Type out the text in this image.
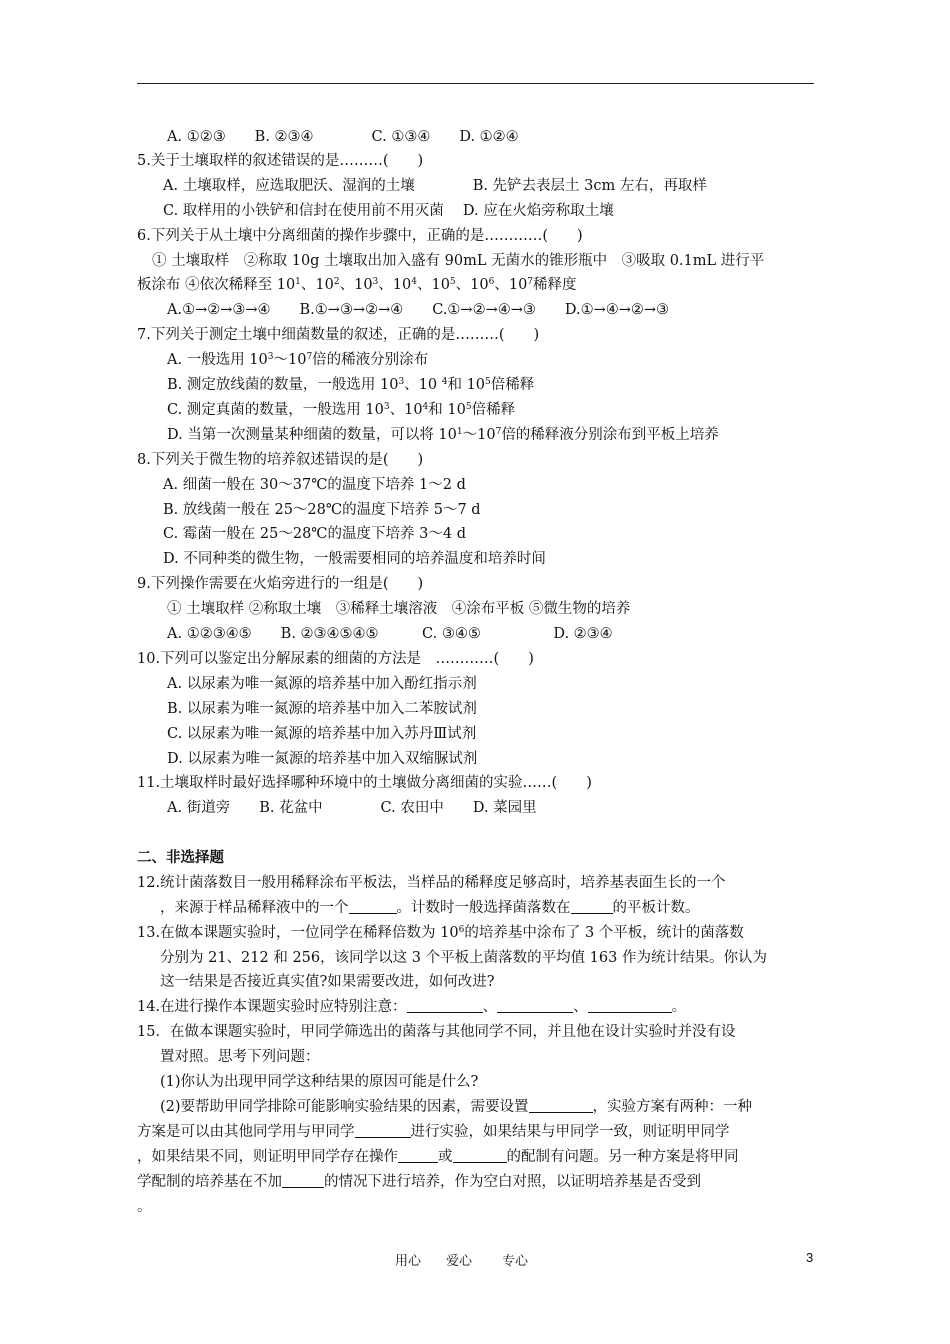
A. ①②③　　B. ②③④　　　　C. ①③④　　D. ①②④
5.关于土壤取样的叙述错误的是………(　　)
A. 土壤取样，应选取肥沃、湿润的土壤　　　　B. 先铲去表层土 3cm 左右，再取样
C. 取样用的小铁铲和信封在使用前不用灭菌　 D. 应在火焰旁称取土壤
6.下列关于从土壤中分离细菌的操作步骤中，正确的是…………(　　)
① 土壤取样　②称取 10g 土壤取出加入盛有 90mL 无菌水的锥形瓶中　③吸取 0.1mL 进行平
板涂布 ④依次稀释至 $10^1$、$10^2$、$10^3$、$10^4$、$10^5$、$10^6$、$10^7$稀释度
A.①→②→③→④　　B.①→③→②→④　　C.①→②→④→③　　D.①→④→②→③
7.下列关于测定土壤中细菌数量的叙述，正确的是………(　　)
A. 一般选用 $10^3\sim 10^7$倍的稀液分别涂布
B. 测定放线菌的数量，一般选用 $10^3$、10 $^4$和 $10^5$倍稀释
C. 测定真菌的数量，一般选用 $10^3$、$10^4$和 $10^5$倍稀释
D. 当第一次测量某种细菌的数量，可以将 $10^1\sim 10^7$倍的稀释液分别涂布到平板上培养
8.下列关于微生物的培养叙述错误的是(　　)
A. 细菌一般在 30～37℃的温度下培养 1～2 d
B. 放线菌一般在 25～28℃的温度下培养 5～7 d
C. 霉菌一般在 25～28℃的温度下培养 3～4 d
D. 不同种类的微生物，一般需要相同的培养温度和培养时间
9.下列操作需要在火焰旁进行的一组是(　　)
① 土壤取样 ②称取土壤　③稀释土壤溶液　④涂布平板 ⑤微生物的培养
A. ①②③④⑤　　B. ②③④⑤④⑤　　　C. ③④⑤　　　　　D. ②③④
10.下列可以鉴定出分解尿素的细菌的方法是　…………(　　)
A. 以尿素为唯一氮源的培养基中加入酚红指示剂
B. 以尿素为唯一氮源的培养基中加入二苯胺试剂
C. 以尿素为唯一氮源的培养基中加入苏丹Ⅲ试剂
D. 以尿素为唯一氮源的培养基中加入双缩脲试剂
11.土壤取样时最好选择哪种环境中的土壤做分离细菌的实验……(　　)
A. 街道旁　　B. 花盆中　　　　C. 农田中　　D. 菜园里
二、非选择题
12.统计菌落数目一般用稀释涂布平板法，当样品的稀释度足够高时，培养基表面生长的一个
，来源于样品稀释液中的一个	。计数时一般选择菌落数在	的平板计数。
13.在做本课题实验时，一位同学在稀释倍数为 $10^6$的培养基中涂布了 3 个平板，统计的菌落数
分别为 21、212 和 256，该同学以这 3 个平板上菌落数的平均值 163 作为统计结果。你认为
这一结果是否接近真实值?如果需要改进，如何改进?
14.在进行操作本课题实验时应特别注意：	、	、	。
15．在做本课题实验时，甲同学筛选出的菌落与其他同学不同，并且他在设计实验时并没有设
置对照。思考下列问题：
(1)你认为出现甲同学这种结果的原因可能是什么?
(2)要帮助甲同学排除可能影响实验结果的因素，需要设置	，实验方案有两种：一种
方案是可以由其他同学用与甲同学	进行实验，如果结果与甲同学一致，则证明甲同学
，如果结果不同，则证明甲同学存在操作	或	的配制有问题。另一种方案是将甲同
学配制的培养基在不加	的情况下进行培养，作为空白对照，以证明培养基是否受到
。
用心 爱心 专心	3
